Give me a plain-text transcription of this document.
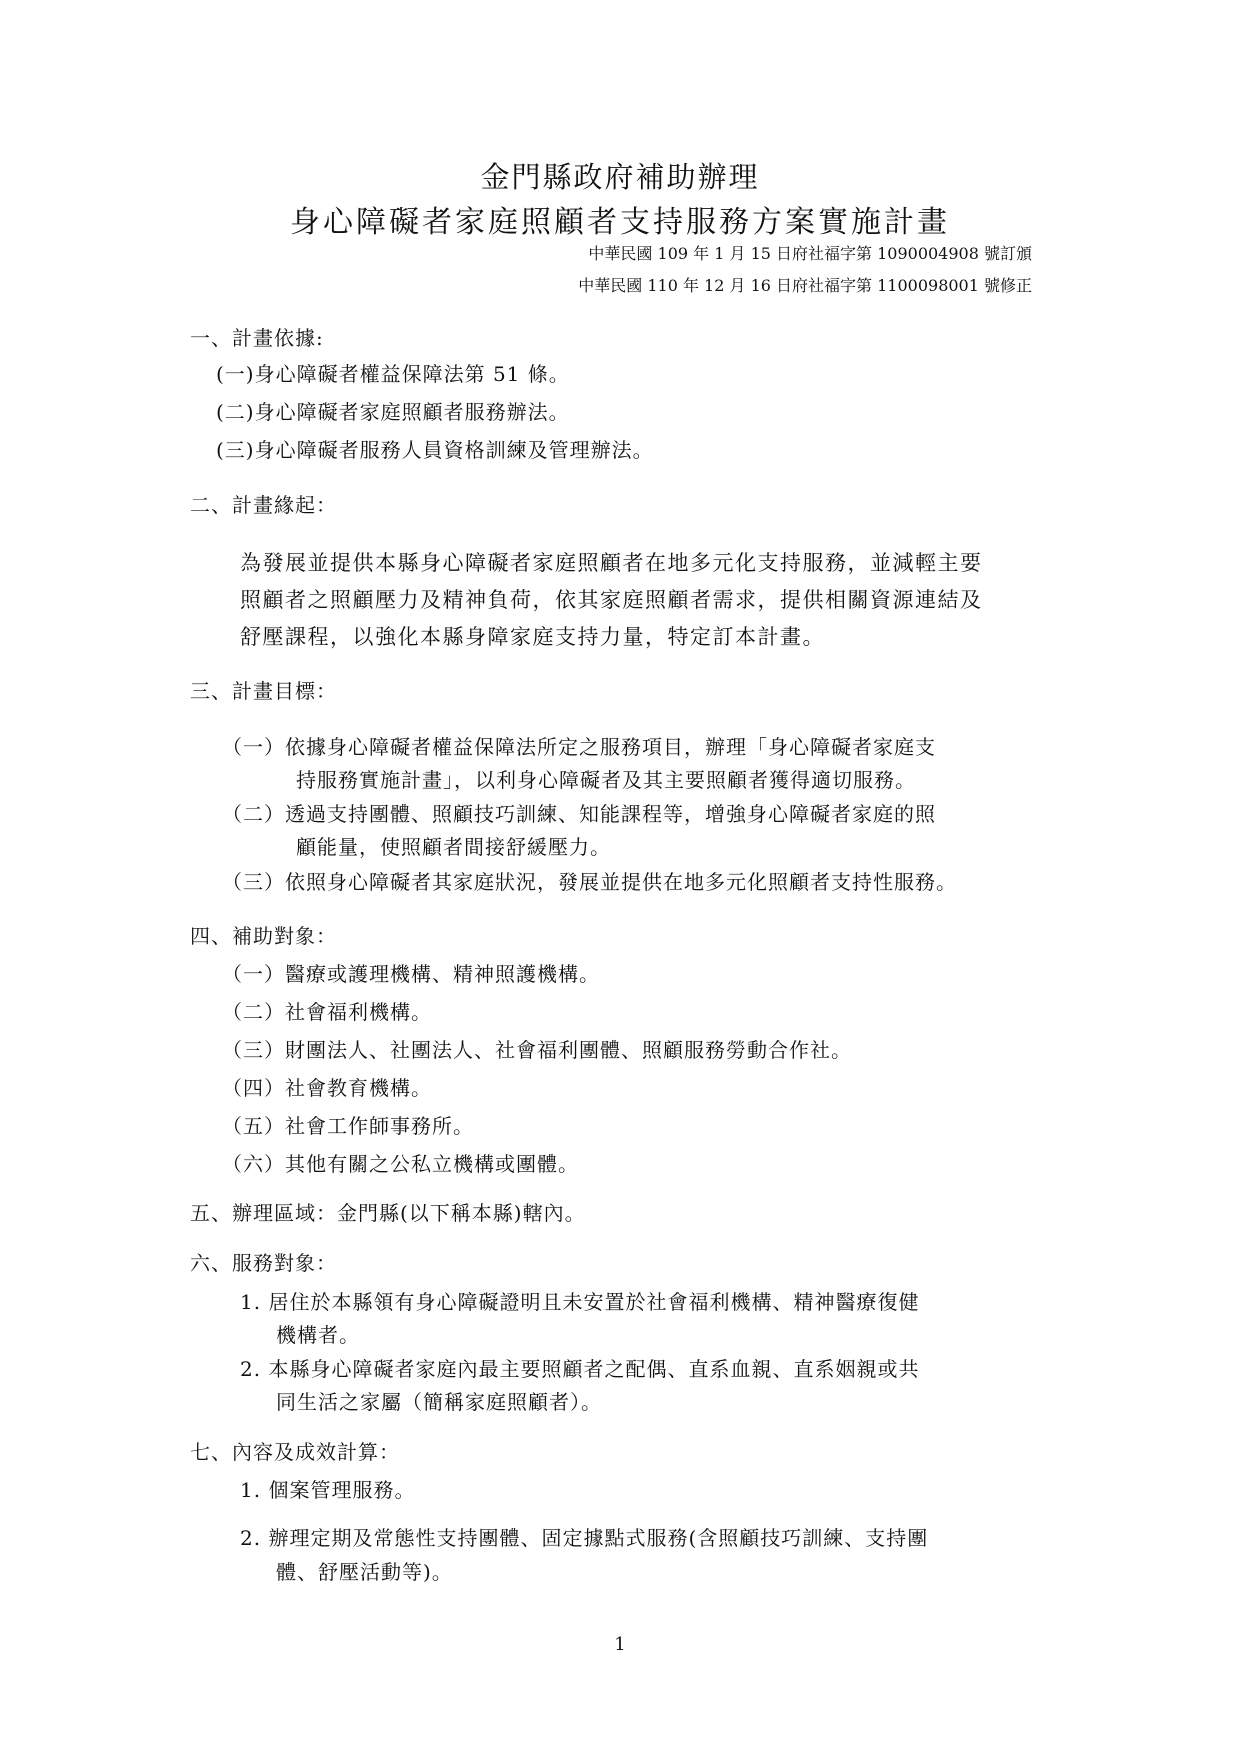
金門縣政府補助辦理
身心障礙者家庭照顧者支持服務方案實施計畫
中華民國 109 年 1 月 15 日府社福字第 1090004908 號訂頒
中華民國 110 年 12 月 16 日府社福字第 1100098001 號修正
一、計畫依據:
(一)身心障礙者權益保障法第 51 條。
(二)身心障礙者家庭照顧者服務辦法。
(三)身心障礙者服務人員資格訓練及管理辦法。
二、計畫緣起：
為發展並提供本縣身心障礙者家庭照顧者在地多元化支持服務，並減輕主要
照顧者之照顧壓力及精神負荷，依其家庭照顧者需求，提供相關資源連結及
舒壓課程，以強化本縣身障家庭支持力量，特定訂本計畫。
三、計畫目標：
（一）依據身心障礙者權益保障法所定之服務項目，辦理「身心障礙者家庭支
持服務實施計畫」，以利身心障礙者及其主要照顧者獲得適切服務。
（二）透過支持團體、照顧技巧訓練、知能課程等，增強身心障礙者家庭的照
顧能量，使照顧者間接舒緩壓力。
（三）依照身心障礙者其家庭狀況，發展並提供在地多元化照顧者支持性服務。
四、補助對象：
（一）醫療或護理機構、精神照護機構。
（二）社會福利機構。
（三）財團法人、社團法人、社會福利團體、照顧服務勞動合作社。
（四）社會教育機構。
（五）社會工作師事務所。
（六）其他有關之公私立機構或團體。
五、辦理區域：金門縣(以下稱本縣)轄內。
六、服務對象：
1. 居住於本縣領有身心障礙證明且未安置於社會福利機構、精神醫療復健
機構者。
2. 本縣身心障礙者家庭內最主要照顧者之配偶、直系血親、直系姻親或共
同生活之家屬（簡稱家庭照顧者）。
七、內容及成效計算：
1. 個案管理服務。
2. 辦理定期及常態性支持團體、固定據點式服務(含照顧技巧訓練、支持團
體、舒壓活動等)。
1
